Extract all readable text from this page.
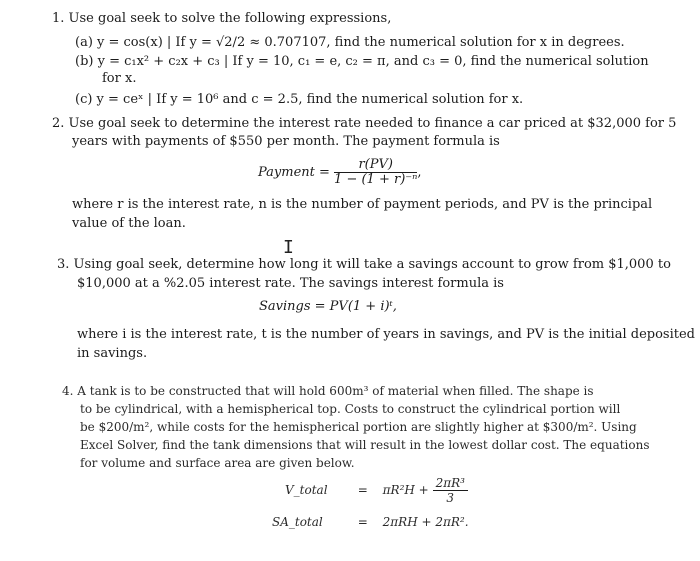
1. Use goal seek to solve the following expressions,

(a) y = cos(x) | If y = √2/2 ≈ 0.707107, find the numerical solution for x in degrees.

(b) y = c₁x² + c₂x + c₃ | If y = 10, c₁ = e, c₂ = π, and c₃ = 0, find the numerical solution

for x.

(c) y = ceˣ | If y = 10⁶ and c = 2.5, find the numerical solution for x.

2. Use goal seek to determine the interest rate needed to finance a car priced at $32,000 for 5

years with payments of $550 per month. The payment formula is

Payment = $\frac{r(PV)}{\text{1 − (1 + r)⁻ⁿ}}$ ,

where r is the interest rate, n is the number of payment periods, and PV is the principal

value of the loan.

I

3. Using goal seek, determine how long it will take a savings account to grow from $1,000 to

$10,000 at a %2.05 interest rate. The savings interest formula is

Savings = PV(1 + i)ᵗ,

where i is the interest rate, t is the number of years in savings, and PV is the initial deposited

in savings.

4. A tank is to be constructed that will hold 600m³ of material when filled. The shape is

to be cylindrical, with a hemispherical top. Costs to construct the cylindrical portion will

be $200/m², while costs for the hemispherical portion are slightly higher at $300/m². Using

Excel Solver, find the tank dimensions that will result in the lowest dollar cost. The equations

for volume and surface area are given below.

V_total	= $\pi R^2H + \frac{\text{2πR³}}{3}$
SA_total	= 2πRH + 2πR².
